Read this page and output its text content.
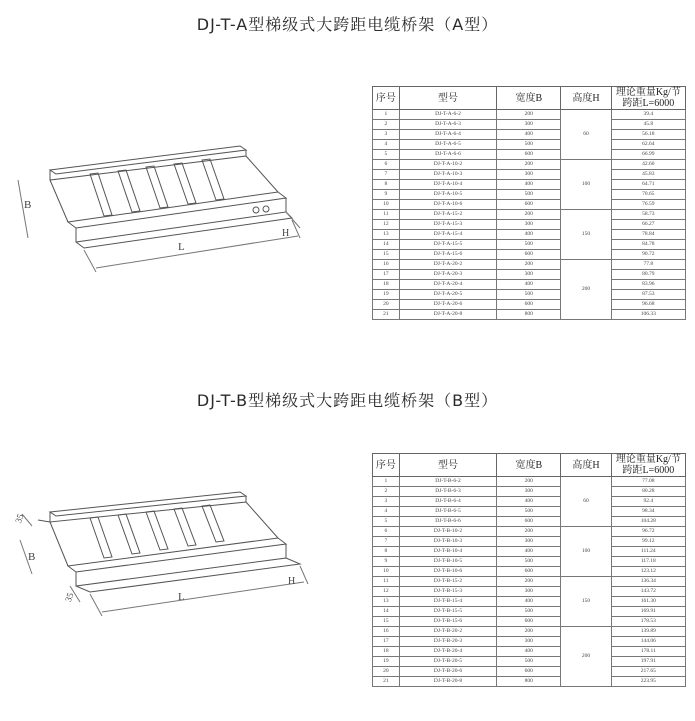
DJ-T-A型梯级式大跨距电缆桥架（A型）
B
L
H
序号	型号	宽度B	高度H	理论重量Kg/节
跨距L=6000
1	DJ-T-A-6-2	200	60	39.4
2	DJ-T-A-6-3	300		45.8
3	DJ-T-A-6-4	400		56.18
4	DJ-T-A-6-5	500		62.64
5	DJ-T-A-6-6	600		66.99
6	DJ-T-A-10-2	200	100	42.60
7	DJ-T-A-10-3	300		45.83
8	DJ-T-A-10-4	400		64.71
9	DJ-T-A-10-5	500		70.65
10	DJ-T-A-10-6	600		76.59
11	DJ-T-A-15-2	200	150	58.73
12	DJ-T-A-15-3	300		66.27
13	DJ-T-A-15-4	400		78.84
14	DJ-T-A-15-5	500		84.78
15	DJ-T-A-15-6	600		90.72
16	DJ-T-A-20-2	200	200	77.8
17	DJ-T-A-20-3	300		80.79
18	DJ-T-A-20-4	400		83.96
19	DJ-T-A-20-5	500		87.53
20	DJ-T-A-20-6	600		96.68
21	DJ-T-A-20-8	800		106.33
DJ-T-B型梯级式大跨距电缆桥架（B型）
35
B
35	L
H
序号	型号	宽度B	高度H	理论重量Kg/节
跨距L=6000
1	DJ-T-B-6-2	200	60	77.08
2	DJ-T-B-6-3	300		80.28
3	DJ-T-B-6-4	400		92.4
4	DJ-T-B-6-5	500		98.34
5	DJ-T-B-6-6	600		104.28
6	DJ-T-B-10-2	200	100	96.72
7	DJ-T-B-10-3	300		99.12
8	DJ-T-B-10-4	400		111.24
9	DJ-T-B-10-5	500		117.18
10	DJ-T-B-10-6	600		123.12
11	DJ-T-B-15-2	200	150	136.34
12	DJ-T-B-15-3	300		143.72
13	DJ-T-B-15-4	400		161.30
14	DJ-T-B-15-5	500		169.91
15	DJ-T-B-15-6	600		178.53
16	DJ-T-B-20-2	200	200	139.89
17	DJ-T-B-20-3	300		144.06
18	DJ-T-B-20-4	400		178.11
19	DJ-T-B-20-5	500		197.91
20	DJ-T-B-20-6	600		217.65
21	DJ-T-B-20-8	800		223.95
